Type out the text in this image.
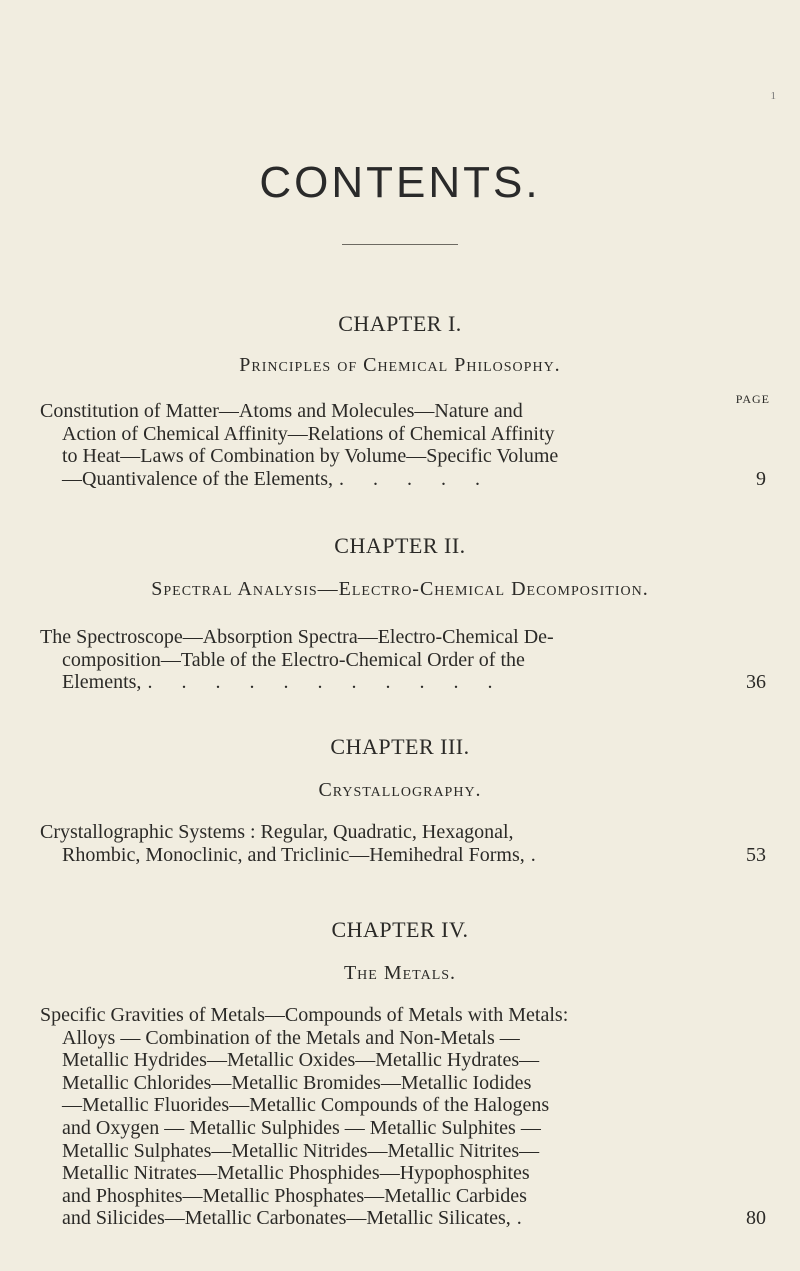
1
CONTENTS.
CHAPTER I.
Principles of Chemical Philosophy.
PAGE
Constitution of Matter—Atoms and Molecules—Nature and
Action of Chemical Affinity—Relations of Chemical Affinity
to Heat—Laws of Combination by Volume—Specific Volume
—Quantivalence of the Elements, . . . . .	9
CHAPTER II.
Spectral Analysis—Electro-Chemical Decomposition.
The Spectroscope—Absorption Spectra—Electro-Chemical De-
composition—Table of the Electro-Chemical Order of the
Elements, . . . . . . . . . . .	36
CHAPTER III.
Crystallography.
Crystallographic Systems : Regular, Quadratic, Hexagonal,
Rhombic, Monoclinic, and Triclinic—Hemihedral Forms, .	53
CHAPTER IV.
The Metals.
Specific Gravities of Metals—Compounds of Metals with Metals:
Alloys — Combination of the Metals and Non-Metals —
Metallic Hydrides—Metallic Oxides—Metallic Hydrates—
Metallic Chlorides—Metallic Bromides—Metallic Iodides
—Metallic Fluorides—Metallic Compounds of the Halogens
and Oxygen — Metallic Sulphides — Metallic Sulphites —
Metallic Sulphates—Metallic Nitrides—Metallic Nitrites—
Metallic Nitrates—Metallic Phosphides—Hypophosphites
and Phosphites—Metallic Phosphates—Metallic Carbides
and Silicides—Metallic Carbonates—Metallic Silicates, .	80
